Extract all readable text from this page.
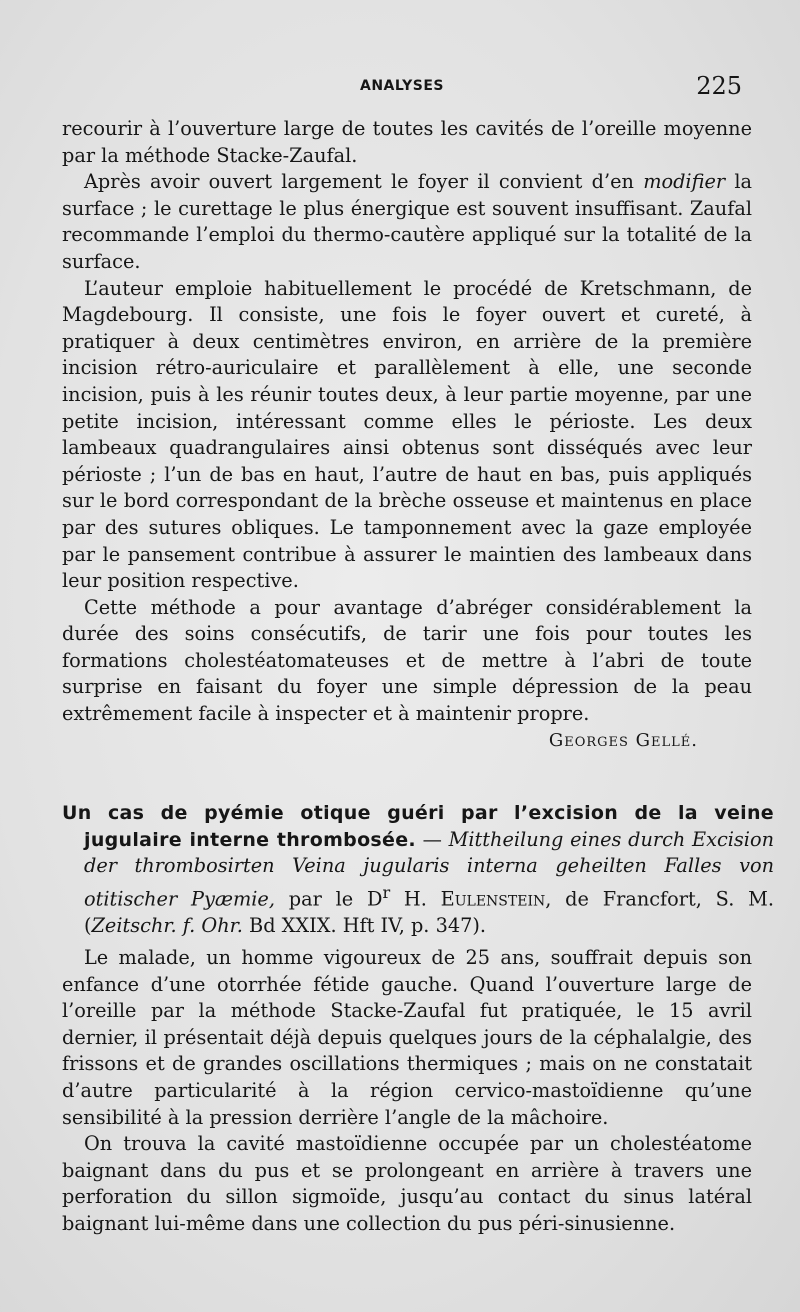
ANALYSES	225

recourir à l’ouverture large de toutes les cavités de l’oreille moyenne par la méthode Stacke-Zaufal.

Après avoir ouvert largement le foyer il convient d’en modifier la surface ; le curettage le plus énergique est souvent insuffisant. Zaufal recommande l’emploi du thermo-cautère appliqué sur la totalité de la surface.

L’auteur emploie habituellement le procédé de Kretschmann, de Magdebourg. Il consiste, une fois le foyer ouvert et cureté, à pratiquer à deux centimètres environ, en arrière de la première incision rétro-auriculaire et parallèlement à elle, une seconde incision, puis à les réunir toutes deux, à leur partie moyenne, par une petite incision, intéressant comme elles le périoste. Les deux lambeaux quadrangulaires ainsi obtenus sont disséqués avec leur périoste ; l’un de bas en haut, l’autre de haut en bas, puis appliqués sur le bord correspondant de la brèche osseuse et maintenus en place par des sutures obliques. Le tamponnement avec la gaze employée par le pansement contribue à assurer le maintien des lambeaux dans leur position respective.

Cette méthode a pour avantage d’abréger considérablement la durée des soins consécutifs, de tarir une fois pour toutes les formations cholestéatomateuses et de mettre à l’abri de toute surprise en faisant du foyer une simple dépression de la peau extrêmement facile à inspecter et à maintenir propre.

Georges Gellé.

Un cas de pyémie otique guéri par l’excision de la veine jugulaire interne thrombosée. — Mittheilung eines durch Excision der thrombosirten Veina jugularis interna geheilten Falles von otitischer Pyæmie, par le $D^r$ H. Eulenstein, de Francfort, S. M. (Zeitschr. f. Ohr. Bd XXIX. Hft IV, p. 347).

Le malade, un homme vigoureux de 25 ans, souffrait depuis son enfance d’une otorrhée fétide gauche. Quand l’ouverture large de l’oreille par la méthode Stacke-Zaufal fut pratiquée, le 15 avril dernier, il présentait déjà depuis quelques jours de la céphalalgie, des frissons et de grandes oscillations thermiques ; mais on ne constatait d’autre particularité à la région cervico-mastoïdienne qu’une sensibilité à la pression derrière l’angle de la mâchoire.

On trouva la cavité mastoïdienne occupée par un cholestéatome baignant dans du pus et se prolongeant en arrière à travers une perforation du sillon sigmoïde, jusqu’au contact du sinus latéral baignant lui-même dans une collection du pus péri-sinusienne.
